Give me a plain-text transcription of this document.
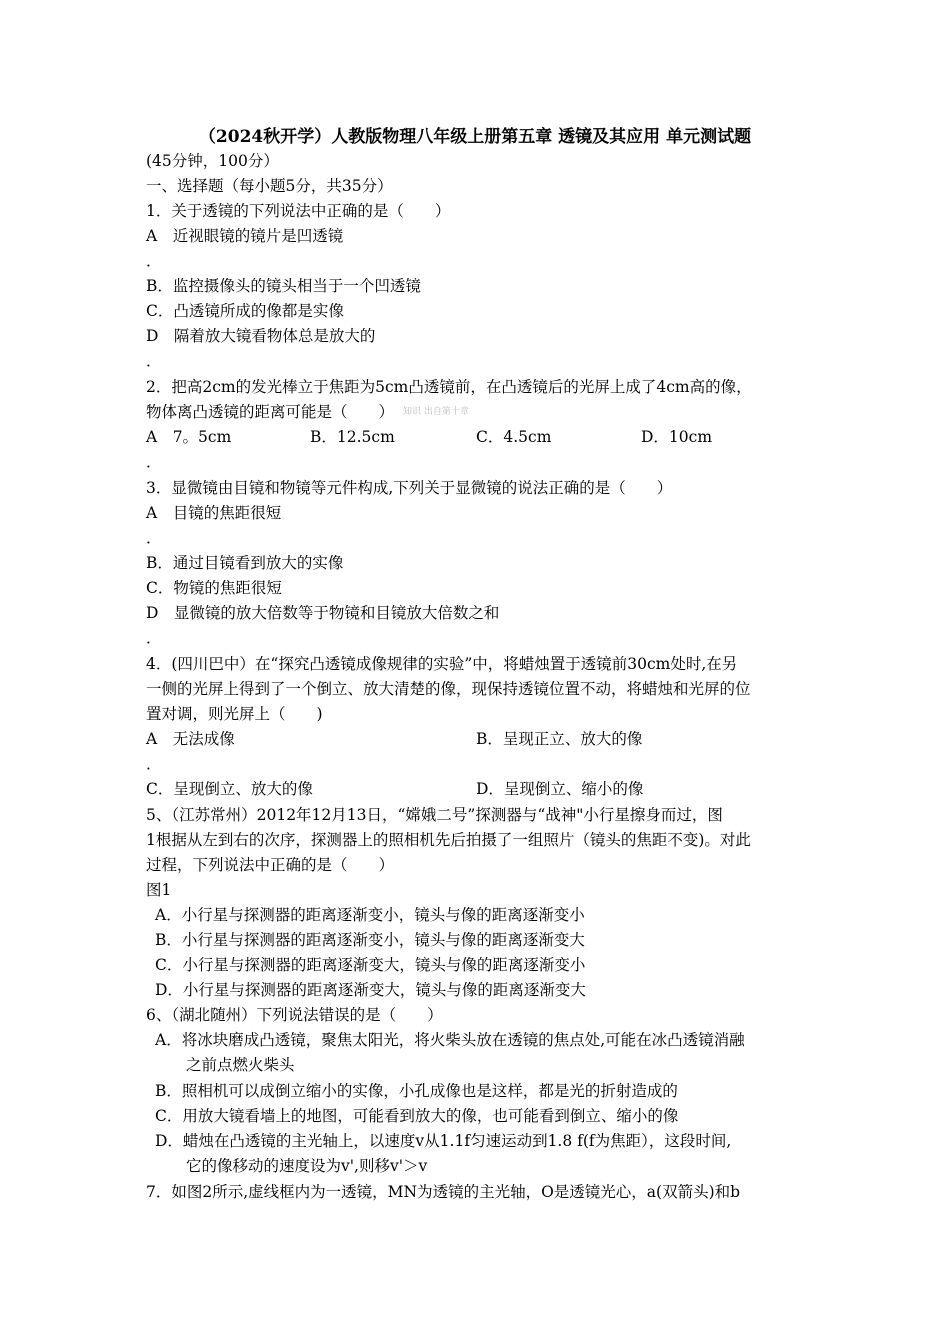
（2024秋开学）人教版物理八年级上册第五章 透镜及其应用 单元测试题
(45分钟，100分）
一、选择题（每小题5分，共35分）
1．关于透镜的下列说法中正确的是（　　）
A　近视眼镜的镜片是凹透镜
．
B．监控摄像头的镜头相当于一个凹透镜
C．凸透镜所成的像都是实像
D　隔着放大镜看物体总是放大的
．
2．把高2cm的发光棒立于焦距为5cm凸透镜前，在凸透镜后的光屏上成了4cm高的像，
物体离凸透镜的距离可能是（　　） 知识 出自第十章
A　7。5cm	B．12.5cm	C．4.5cm	D．10cm
．
3．显微镜由目镜和物镜等元件构成,下列关于显微镜的说法正确的是（　　）
A　目镜的焦距很短
．
B．通过目镜看到放大的实像
C．物镜的焦距很短
D　显微镜的放大倍数等于物镜和目镜放大倍数之和
．
4．(四川巴中）在“探究凸透镜成像规律的实验”中，将蜡烛置于透镜前30cm处时,在另
一侧的光屏上得到了一个倒立、放大清楚的像，现保持透镜位置不动，将蜡烛和光屏的位
置对调，则光屏上（　　)
A　无法成像	B．呈现正立、放大的像
．
C．呈现倒立、放大的像	D．呈现倒立、缩小的像
5、（江苏常州）2012年12月13日，“嫦娥二号”探测器与“战神"小行星擦身而过，图
1根据从左到右的次序，探测器上的照相机先后拍摄了一组照片（镜头的焦距不变)。对此
过程，下列说法中正确的是（　　）
图1
A．小行星与探测器的距离逐渐变小，镜头与像的距离逐渐变小
B．小行星与探测器的距离逐渐变小，镜头与像的距离逐渐变大
C．小行星与探测器的距离逐渐变大，镜头与像的距离逐渐变小
D．小行星与探测器的距离逐渐变大，镜头与像的距离逐渐变大
6、（湖北随州）下列说法错误的是（　　）
A．将冰块磨成凸透镜，聚焦太阳光，将火柴头放在透镜的焦点处,可能在冰凸透镜消融
之前点燃火柴头
B．照相机可以成倒立缩小的实像，小孔成像也是这样，都是光的折射造成的
C．用放大镜看墙上的地图，可能看到放大的像，也可能看到倒立、缩小的像
D．蜡烛在凸透镜的主光轴上，以速度v从1.1f匀速运动到1.8 f(f为焦距），这段时间,
它的像移动的速度设为v',则移v'＞v
7．如图2所示,虚线框内为一透镜，MN为透镜的主光轴，O是透镜光心，a(双箭头)和b
